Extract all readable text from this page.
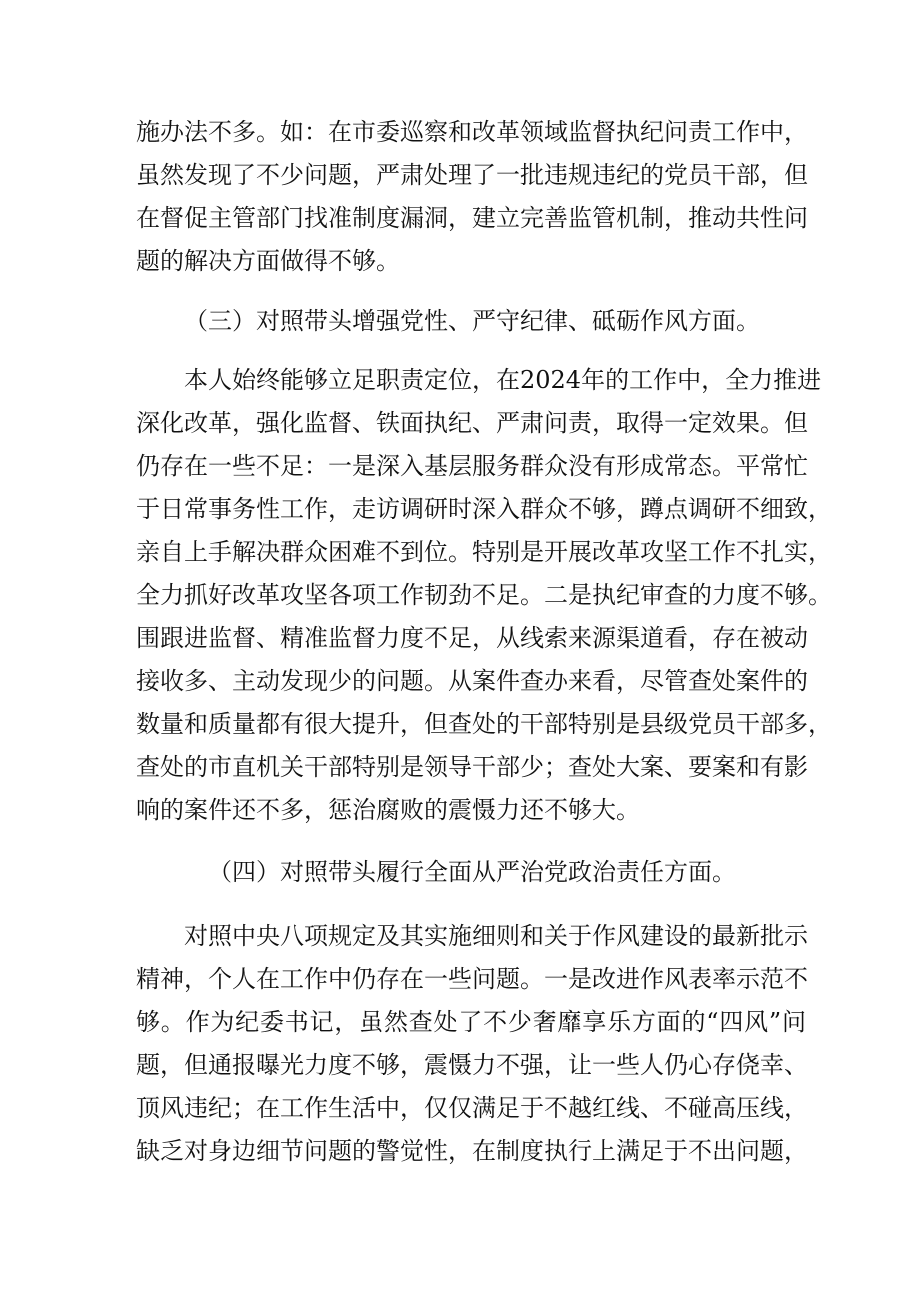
施办法不多。如：在市委巡察和改革领域监督执纪问责工作中，
虽然发现了不少问题，严肃处理了一批违规违纪的党员干部，但
在督促主管部门找准制度漏洞，建立完善监管机制，推动共性问
题的解决方面做得不够。
（三）对照带头增强党性、严守纪律、砥砺作风方面。
本人始终能够立足职责定位，在2024年的工作中，全力推进
深化改革，强化监督、铁面执纪、严肃问责，取得一定效果。但
仍存在一些不足：一是深入基层服务群众没有形成常态。平常忙
于日常事务性工作，走访调研时深入群众不够，蹲点调研不细致，
亲自上手解决群众困难不到位。特别是开展改革攻坚工作不扎实，
全力抓好改革攻坚各项工作韧劲不足。二是执纪审查的力度不够。
围跟进监督、精准监督力度不足，从线索来源渠道看，存在被动
接收多、主动发现少的问题。从案件查办来看，尽管查处案件的
数量和质量都有很大提升，但查处的干部特别是县级党员干部多，
查处的市直机关干部特别是领导干部少；查处大案、要案和有影
响的案件还不多，惩治腐败的震慑力还不够大。
（四）对照带头履行全面从严治党政治责任方面。
对照中央八项规定及其实施细则和关于作风建设的最新批示
精神，个人在工作中仍存在一些问题。一是改进作风表率示范不
够。作为纪委书记，虽然查处了不少奢靡享乐方面的“四风”问
题，但通报曝光力度不够，震慑力不强，让一些人仍心存侥幸、
顶风违纪；在工作生活中，仅仅满足于不越红线、不碰高压线，
缺乏对身边细节问题的警觉性，在制度执行上满足于不出问题，
